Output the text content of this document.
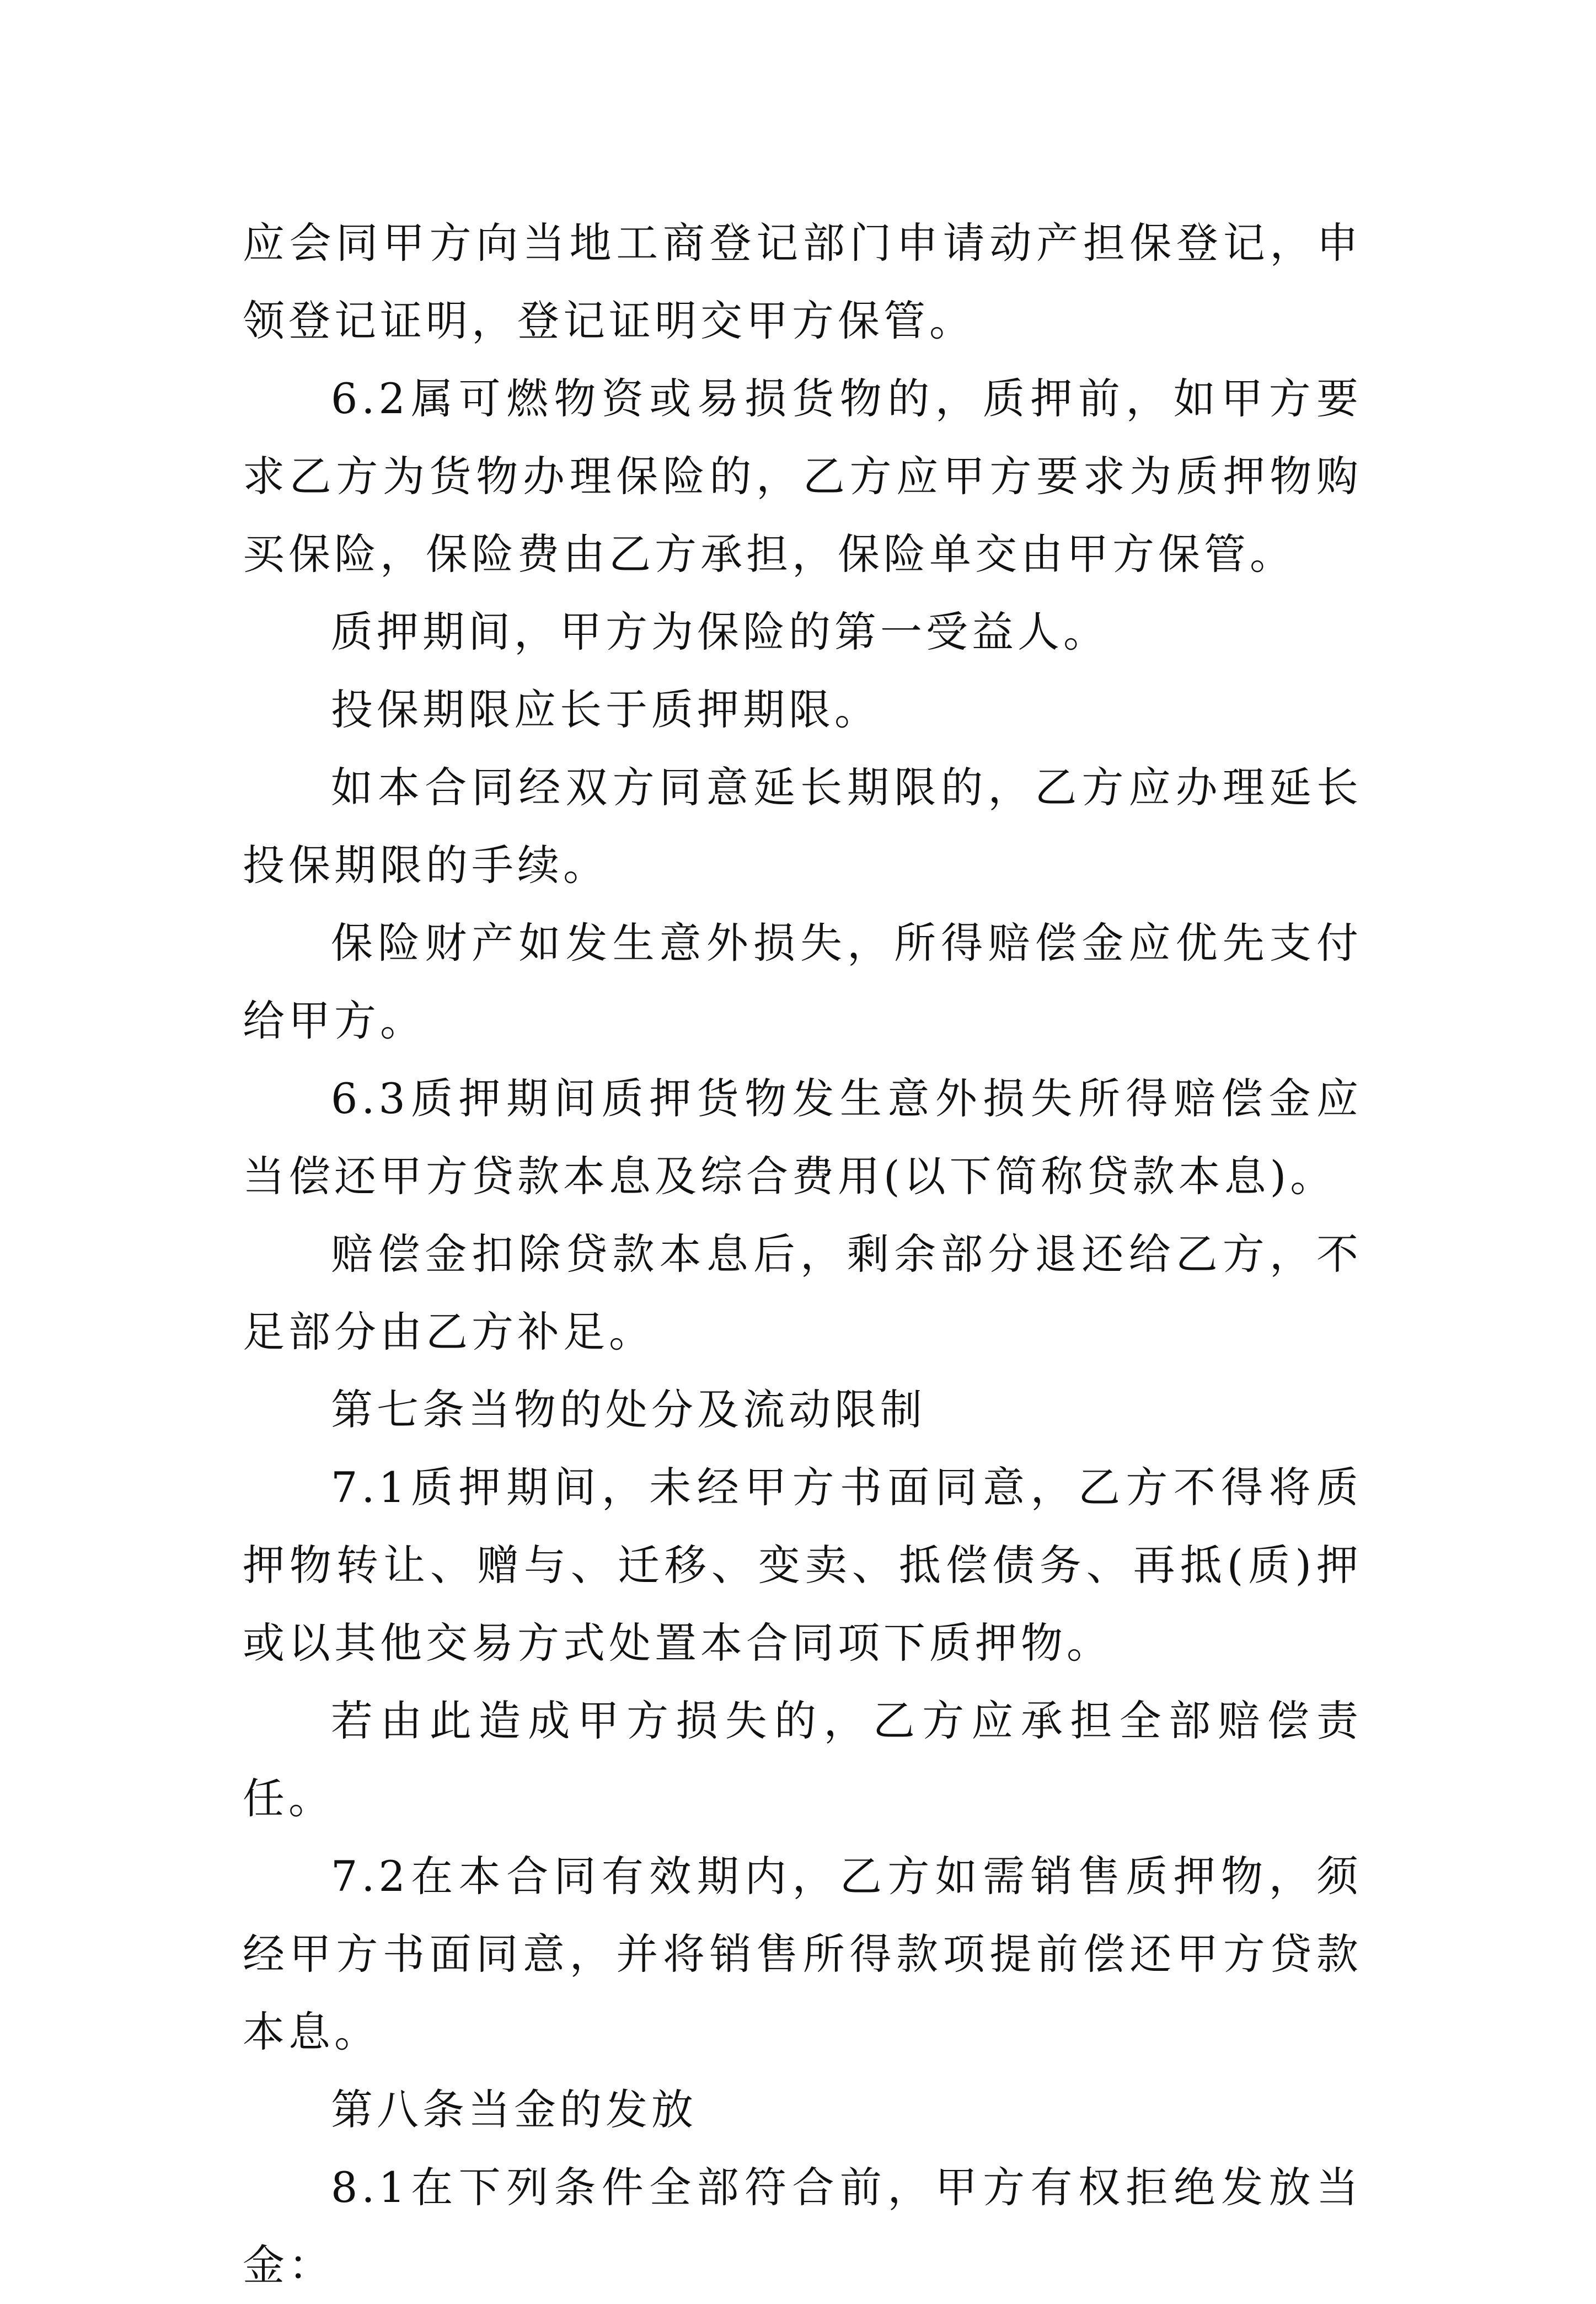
应会同甲方向当地工商登记部门申请动产担保登记，申领登记证明，登记证明交甲方保管。

6.2属可燃物资或易损货物的，质押前，如甲方要求乙方为货物办理保险的，乙方应甲方要求为质押物购买保险，保险费由乙方承担，保险单交由甲方保管。

质押期间，甲方为保险的第一受益人。

投保期限应长于质押期限。

如本合同经双方同意延长期限的，乙方应办理延长投保期限的手续。

保险财产如发生意外损失，所得赔偿金应优先支付给甲方。

6.3质押期间质押货物发生意外损失所得赔偿金应当偿还甲方贷款本息及综合费用(以下简称贷款本息)。

赔偿金扣除贷款本息后，剩余部分退还给乙方，不足部分由乙方补足。

第七条当物的处分及流动限制

7.1质押期间，未经甲方书面同意，乙方不得将质押物转让、赠与、迁移、变卖、抵偿债务、再抵(质)押或以其他交易方式处置本合同项下质押物。

若由此造成甲方损失的，乙方应承担全部赔偿责任。

7.2在本合同有效期内，乙方如需销售质押物，须经甲方书面同意，并将销售所得款项提前偿还甲方贷款本息。

第八条当金的发放

8.1在下列条件全部符合前，甲方有权拒绝发放当金：
